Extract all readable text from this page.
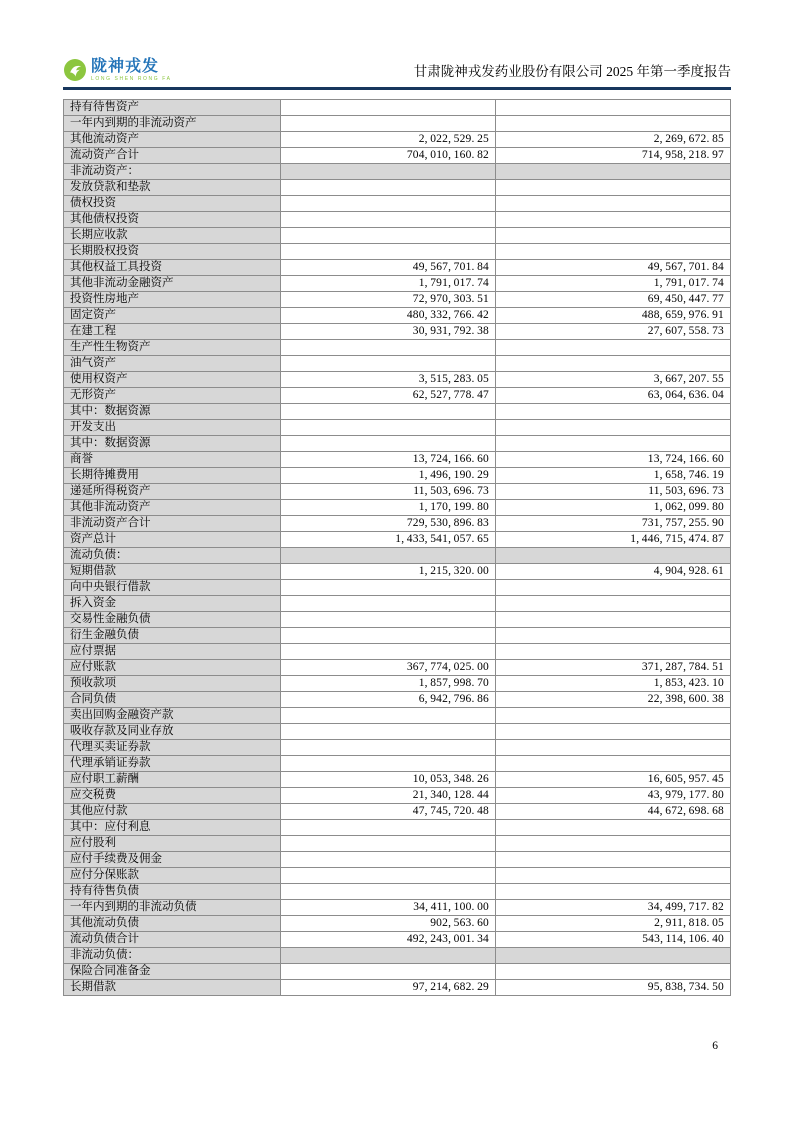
陇神戎发
LONG SHEN RONG FA	甘肃陇神戎发药业股份有限公司 2025 年第一季度报告
持有待售资产		
一年内到期的非流动资产		
其他流动资产	2, 022, 529. 25	2, 269, 672. 85
流动资产合计	704, 010, 160. 82	714, 958, 218. 97
非流动资产：		
发放贷款和垫款		
债权投资		
其他债权投资		
长期应收款		
长期股权投资		
其他权益工具投资	49, 567, 701. 84	49, 567, 701. 84
其他非流动金融资产	1, 791, 017. 74	1, 791, 017. 74
投资性房地产	72, 970, 303. 51	69, 450, 447. 77
固定资产	480, 332, 766. 42	488, 659, 976. 91
在建工程	30, 931, 792. 38	27, 607, 558. 73
生产性生物资产		
油气资产		
使用权资产	3, 515, 283. 05	3, 667, 207. 55
无形资产	62, 527, 778. 47	63, 064, 636. 04
其中：数据资源		
开发支出		
其中：数据资源		
商誉	13, 724, 166. 60	13, 724, 166. 60
长期待摊费用	1, 496, 190. 29	1, 658, 746. 19
递延所得税资产	11, 503, 696. 73	11, 503, 696. 73
其他非流动资产	1, 170, 199. 80	1, 062, 099. 80
非流动资产合计	729, 530, 896. 83	731, 757, 255. 90
资产总计	1, 433, 541, 057. 65	1, 446, 715, 474. 87
流动负债：		
短期借款	1, 215, 320. 00	4, 904, 928. 61
向中央银行借款		
拆入资金		
交易性金融负债		
衍生金融负债		
应付票据		
应付账款	367, 774, 025. 00	371, 287, 784. 51
预收款项	1, 857, 998. 70	1, 853, 423. 10
合同负债	6, 942, 796. 86	22, 398, 600. 38
卖出回购金融资产款		
吸收存款及同业存放		
代理买卖证券款		
代理承销证券款		
应付职工薪酬	10, 053, 348. 26	16, 605, 957. 45
应交税费	21, 340, 128. 44	43, 979, 177. 80
其他应付款	47, 745, 720. 48	44, 672, 698. 68
其中：应付利息		
应付股利		
应付手续费及佣金		
应付分保账款		
持有待售负债		
一年内到期的非流动负债	34, 411, 100. 00	34, 499, 717. 82
其他流动负债	902, 563. 60	2, 911, 818. 05
流动负债合计	492, 243, 001. 34	543, 114, 106. 40
非流动负债：		
保险合同准备金		
长期借款	97, 214, 682. 29	95, 838, 734. 50
6
